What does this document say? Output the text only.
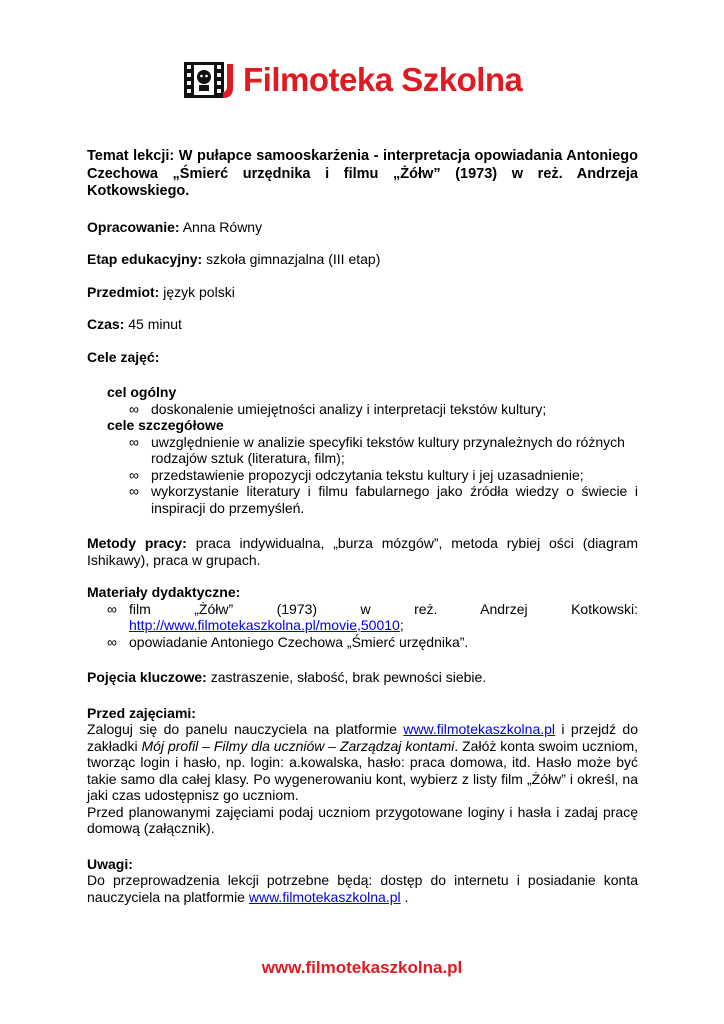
Filmoteka Szkolna

Temat lekcji: W pułapce samooskarżenia - interpretacja opowiadania Antoniego Czechowa „Śmierć urzędnika i filmu „Żółw” (1973) w reż. Andrzeja Kotkowskiego.

Opracowanie: Anna Równy

Etap edukacyjny: szkoła gimnazjalna (III etap)

Przedmiot: język polski

Czas: 45 minut

Cele zajęć:

cel ogólny

∞ doskonalenie umiejętności analizy i interpretacji tekstów kultury;

cele szczegółowe

∞ uwzględnienie w analizie specyfiki tekstów kultury przynależnych do różnych rodzajów sztuk (literatura, film);
∞ przedstawienie propozycji odczytania tekstu kultury i jej uzasadnienie;
∞ wykorzystanie literatury i filmu fabularnego jako źródła wiedzy o świecie i inspiracji do przemyśleń.

Metody pracy: praca indywidualna, „burza mózgów”, metoda rybiej ości (diagram Ishikawy), praca w grupach.

Materiały dydaktyczne:

∞ film „Żółw” (1973) w reż. Andrzej Kotkowski:
http://www.filmotekaszkolna.pl/movie,50010;
∞ opowiadanie Antoniego Czechowa „Śmierć urzędnika”.

Pojęcia kluczowe: zastraszenie, słabość, brak pewności siebie.

Przed zajęciami:

Zaloguj się do panelu nauczyciela na platformie www.filmotekaszkolna.pl i przejdź do zakładki Mój profil – Filmy dla uczniów – Zarządzaj kontami. Załóż konta swoim uczniom, tworząc login i hasło, np. login: a.kowalska, hasło: praca domowa, itd. Hasło może być takie samo dla całej klasy. Po wygenerowaniu kont, wybierz z listy film „Żółw” i określ, na jaki czas udostępnisz go uczniom.

Przed planowanymi zajęciami podaj uczniom przygotowane loginy i hasła i zadaj pracę domową (załącznik).

Uwagi:

Do przeprowadzenia lekcji potrzebne będą: dostęp do internetu i posiadanie konta nauczyciela na platformie www.filmotekaszkolna.pl .

www.filmotekaszkolna.pl
